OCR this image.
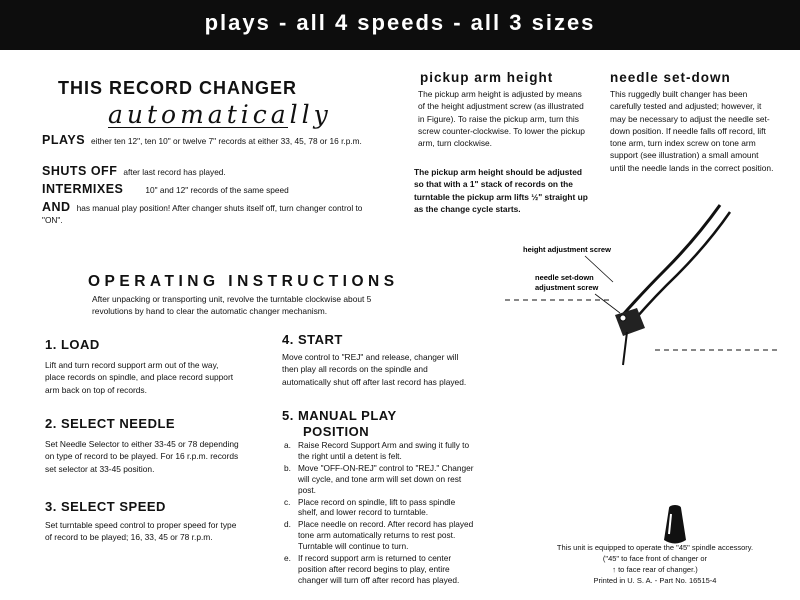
plays - all 4 speeds - all 3 sizes
THIS RECORD CHANGER
automatically
PLAYS either ten 12", ten 10" or twelve 7" records at either 33, 45, 78 or 16 r.p.m.
SHUTS OFF after last record has played.
INTERMIXES	10" and 12" records of the same speed
AND has manual play position! After changer shuts itself off, turn changer control to "ON".
pickup arm height
The pickup arm height is adjusted by means of the height adjustment screw (as illustrated in Figure). To raise the pickup arm, turn this screw counter-clockwise. To lower the pickup arm, turn clockwise.
The pickup arm height should be adjusted so that with a 1" stack of records on the turntable the pickup arm lifts ½" straight up as the change cycle starts.
needle set-down
This ruggedly built changer has been carefully tested and adjusted; however, it may be necessary to adjust the needle set-down position. If needle falls off record, lift tone arm, turn index screw on tone arm support (see illustration) a small amount until the needle lands in the correct position.
height adjustment screw
needle set-down
adjustment screw
OPERATING INSTRUCTIONS
After unpacking or transporting unit, revolve the turntable clockwise about 5 revolutions by hand to clear the automatic changer mechanism.
1. LOAD
Lift and turn record support arm out of the way, place records on spindle, and place record support arm back on top of records.
2. SELECT NEEDLE
Set Needle Selector to either 33-45 or 78 depending on type of record to be played. For 16 r.p.m. records set selector at 33-45 position.
3. SELECT SPEED
Set turntable speed control to proper speed for type of record to be played; 16, 33, 45 or 78 r.p.m.
4. START
Move control to "REJ" and release, changer will then play all records on the spindle and automatically shut off after last record has played.
5. MANUAL PLAY
POSITION
a. Raise Record Support Arm and swing it fully to the right until a detent is felt.
b. Move "OFF-ON-REJ" control to "REJ." Changer will cycle, and tone arm will set down on rest post.
c. Place record on spindle, lift to pass spindle shelf, and lower record to turntable.
d. Place needle on record. After record has played tone arm automatically returns to rest post. Turntable will continue to turn.
e. If record support arm is returned to center position after record begins to play, entire changer will turn off after record has played.
This unit is equipped to operate the "45" spindle accessory.
("45" to face front of changer or
↑ to face rear of changer.)
Printed in U. S. A. - Part No. 16515-4
